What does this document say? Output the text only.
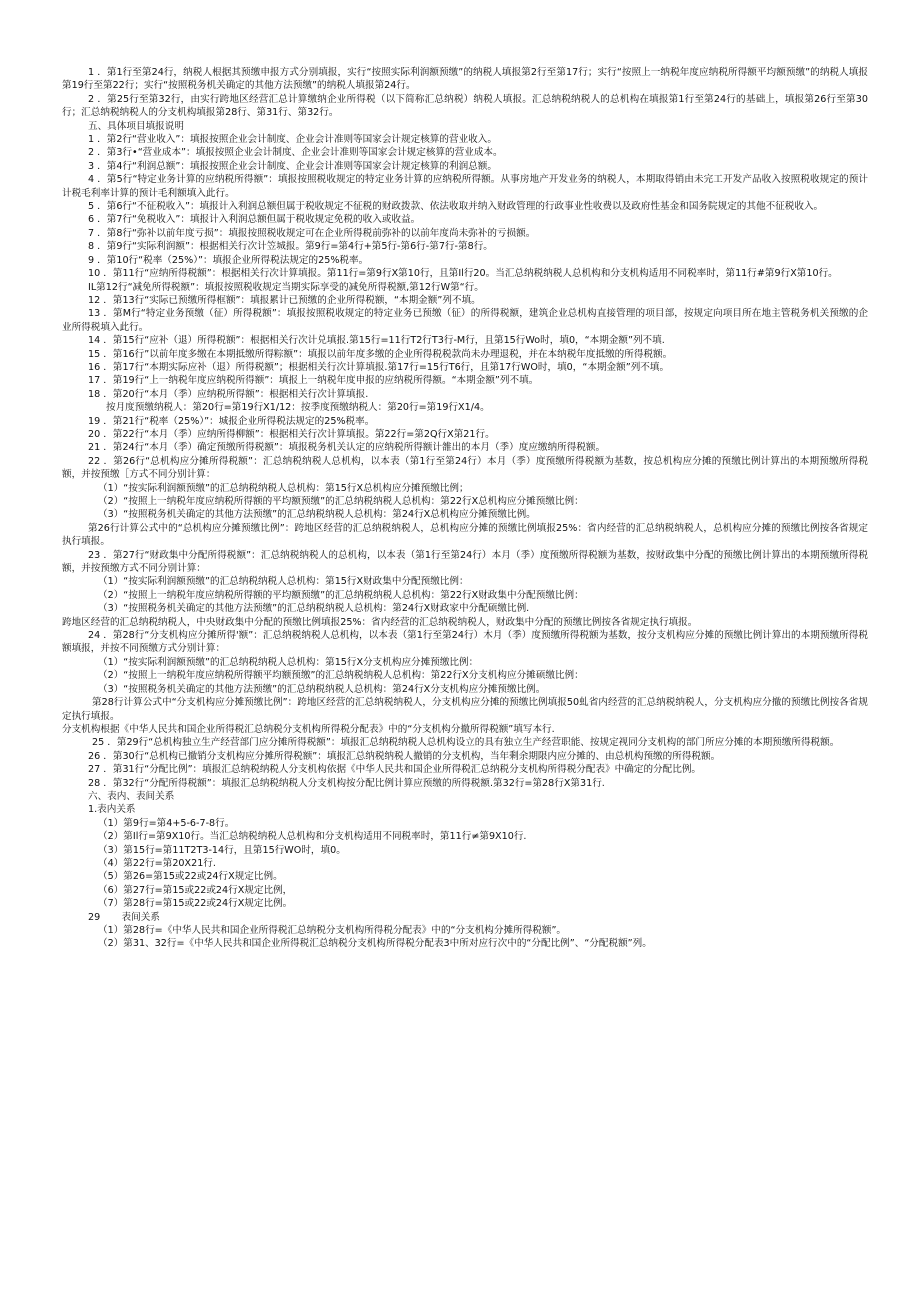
1 ．第1行至第24行，纳税人根据其预缴申报方式分别填报，实行“按照实际利润额预缴”的纳税人填报第2行至第17行；实行“按照上一纳税年度应纳税所得额平均额预缴”的纳税人填报第19行至第22行；实行“按照税务机关确定的其他方法预缴”的纳税人填报第24行。

2 ．第25行至第32行，由实行跨地区经营汇总计算缴纳企业所得税（以下简称汇总纳税）纳税人填报。汇总纳税纳税人的总机构在填报第1行至第24行的基础上，填报第26行至第30行；汇总纳税纳税人的分支机构填报第28行、第31行、第32行。

五、具体项目填报说明

1 ．第2行“营业收入”：填报按照企业会计制度、企业会计准则等国家会计规定核算的营业收入。

2 ．第3行•“营业成本”：填报按照企业会计制度、企业会计准则等国家会计规定核算的营业成本。

3 ．第4行“利润总额”：填报按照企业会计制度、企业会计准则等国家会计规定核算的利润总额。

4 ．第5行“特定业务计算的应纳税所得额”：填报按照税收规定的特定业务计算的应纳税所得额。从事房地产开发业务的纳税人，本期取得销由未完工开发产品收入按照税收规定的预计计税毛利率计算的预计毛利额填入此行。

5 ．第6行“不征税收入”：填报计入利润总额但属于税收规定不征税的财政拨款、依法收取并纳入财政管理的行政事业性收费以及政府性基金和国务院规定的其他不征税收入。

6 ．第7行“免税收入”：填报计入利润总额但属于税收规定免税的收入或收益。

7 ．第8行“弥补以前年度亏损”：填报按照税收规定可在企业所得税前弥补的以前年度尚未弥补的亏损额。

8 ．第9行“实际利润额”：根据相关行次计笠城报。第9行=第4行+第5行-第6行-第7行-第8行。

9 ．第10行“税率（25%）”：填报企业所得税法规定的25%税率。

10 ．第11行“应纳所得税额”：根据相关行次计算填报。第11行=第9行X第10行，且第Il行20。当汇总纳税纳税人总机构和分支机构适用不同税率时，第11行#第9行X第10行。

IL第12行“减免所得税额”：填报按照税收规定当期实际享受的减免所得税额,第12行W第“行。

12 ．第13行“实际已预缴所得框额”：填报累计已预缴的企业所得税额，“本期金额”列不填。

13 ．第M行“特定业务预缴（征）所得税额”：填报按照税收规定的特定业务已预缴（征）的所得税额，建筑企业总机构直接管理的项目部，按规定向项目所在地主管税务机关预缴的企业所得税填入此行。

14 ．第15行“应补（退）所得税额”：根据相关行次计兑填报.第15行=11行T2行T3行-M行，且第15行Wo时，填0，“本期金额”列不填.

15 ．第16行”以前年度多缴在本期抵缴所得粽额”：填报以前年度多缴的企业所得税税款尚未办理退税，并在本纳税年度抵缴的所得税额。

16 ．第17行“本期实际应补（退）所得税额”；根据相关行次计算填报.第17行=15行T6行，且第17行WO时，填0，“本期金额”列不填。

17 ．第19行“上一纳税年度应纳税所得额”：填报上一纳税年度申报的应纳税所得额。“本期金额”列不填。

18 ．第20行“本月（季）应纳税所得额”：根据相关行次计算填报.

按月度预缴纳税人：第20行=第19行X1/12：按季度预缴纳税人：第20行=第19行X1/4。

19 ．第21行“税率（25%）”：城报企业所得税法规定的25%税率。

20 ．第22行“本月（季）应纳所得柳额”：根据相关行次计算填报。第22行=第2Q行X第21行。

21 ．第24行“本月（季）确定预缴所得税额”：填报税务机关认定的应纳税所得额计雒出的本月（季）度应缴纳所得税额。

22 ．第26行“总机构应分摊所得税额”：汇总纳税纳税人总机构，以本表（第1行至第24行）本月（季）度预缴所得税额为基数，按总机构应分摊的预缴比例计算出的本期预缴所得税额，并按预缴［方式不同分别计算：

（1）“按实际利润额预缴”的汇总纳税纳税人总机构：第15行X总机构应分摊预缴比例；

（2）“按照上一纳税年度应纳税所得额的平均额预缴”的汇总纳税纳税人总机构：第22行X总机构应分摊预缴比例：

（3）“按照税务机关确定的其他方法预缴”的汇总纳税纳税人总机构：第24行X总机构应分摊预缴比例。

第26行计算公式中的“总机构应分摊预缴比例”：跨地区经营的汇总纳税纳税人，总机构应分摊的预缴比例填报25%：省内经营的汇总纳税纳税人，总机构应分摊的预缴比例按各省规定执行填报。

23 ．第27行“财政集中分配所得税额”：汇总纳税纳税人的总机构，以本表（第1行至第24行）本月（季）度预缴所得税额为基数，按财政集中分配的预缴比例计算出的本期预缴所得税额，并按预缴方式不同分别计算：

（1）“按实际利润额预缴”的汇总纳税纳税人总机构：第15行X财政集中分配预缴比例：

（2）“按照上一纳税年度应纳税所得额的平均额预缴”的汇总纳税纳税人总机构：第22行X财政集中分配预缴比例：

（3）“按照税务机关确定的其他方法预缴”的汇总纳税纳税人总机构：第24行X财政家中分配硕缴比例.

跨地区经营的汇总纳税纳税人，中央财政集中分配的预缴比例填报25%：省内经营的汇总纳税纳税人，财政集中分配的预缴比例按各省规定执行填报。

24 ．第28行“分支机构应分摊所得'额”：汇总纳税纳税人总机构，以本表（第1行至第24行）木月（季）度预缴所得税额为基数，按分支机构应分摊的预缴比例计算出的本期预缴所得税额填报，并按不同预缴方式分别计算：

（1）“按实际利润额预缴”的汇总纳税纳税人总机构：第15行X分支机构应分摊预缴比例：

（2）“按照上一纳税年度应纳税所得额平均额预缴”的汇总纳税纳税人总机构：第22行X分支机构应分摊硕缴比例：

（3）“按照税务机关确定的其他方法预缴”的汇总纳税纳税人总机构：第24行X分支机构应分摊预缴比例。

第28行计算公式中“分支机构应分摊预缴比例”：跨地区经营的汇总纳税纳税人，分支机构应分摊的预缴比例填报50虬省内经营的汇总纳税纳税人，分支机构应分撤的预缴比例按各省规定执行填报。

分支机构根据《中华人民共和国企业所得税汇总纳税分支机构所得税分配表》中的“分支机构分撤所得税额”填写本行.

25 ．第29行“总机构独立生产经营部门应分摊所得税额”：填报汇总纳税纳税人总机构设立的具有独立生产经营职能、按规定视同分支机构的部门所应分摊的本期预缴所得税额。

26 ．第30行“总机构已撤销分支机构应分摊所得税额”：填报汇总纳税纳税人撤销的分支机构，当年剩余期限内应分摊的、由总机构预缴的所得税额。

27 ．第31行“分配比例”：填报汇总纳税纳税人分支机构依据《中华人民共和国企业所得税汇总纳税分支机构所得税分配表》中确定的分配比例。

28 ．第32行“分配所得税额”：填报汇总纳税纳税人分支机构按分配比例计算应预缴的所得税额.第32行=第28行X第31行.

六、表内、表间关系

1.表内关系

（1）第9行=第4+5-6-7-8行。

（2）第Il行=第9X10行。当汇总纳税纳税人总机构和分支机构适用不同税率时，第11行≠第9X10行.

（3）第15行=第11T2T3-14行，且第15行WO时，填0。

（4）第22行=第20X21行.

（5）第26=第15或22或24行X规定比例。

（6）第27行=第15或22或24行X规定比例，

（7）第28行=第15或22或24行X规定比例。

29       表间关系

（1）第28行=《中华人民共和国企业所得税汇总纳税分支机构所得税分配表》中的“分支机构分摊所得税额”。

（2）第31、32行=《中华人民共和国企业所得税汇总纳税分支机构所得税分配表3中所对应行次中的“分配比例”、“分配税额”列。
